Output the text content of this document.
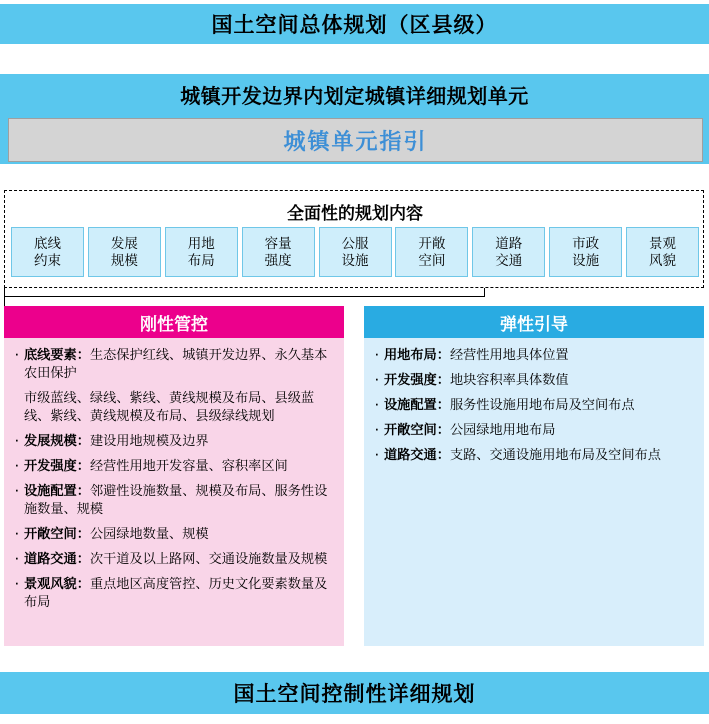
国土空间总体规划（区县级）
城镇开发边界内划定城镇详细规划单元
城镇单元指引
全面性的规划内容
底线
约束
发展
规模
用地
布局
容量
强度
公服
设施
开敞
空间
道路
交通
市政
设施
景观
风貌
刚性管控
· 底线要素：生态保护红线、城镇开发边界、永久基本农田保护
市级蓝线、绿线、紫线、黄线规模及布局、县级蓝线、紫线、黄线规模及布局、县级绿线规划
· 发展规模：建设用地规模及边界
· 开发强度：经营性用地开发容量、容积率区间
· 设施配置：邻避性设施数量、规模及布局、服务性设施数量、规模
· 开敞空间：公园绿地数量、规模
· 道路交通：次干道及以上路网、交通设施数量及规模
· 景观风貌：重点地区高度管控、历史文化要素数量及布局
弹性引导
· 用地布局：经营性用地具体位置
· 开发强度：地块容积率具体数值
· 设施配置：服务性设施用地布局及空间布点
· 开敞空间：公园绿地用地布局
· 道路交通：支路、交通设施用地布局及空间布点
国土空间控制性详细规划
